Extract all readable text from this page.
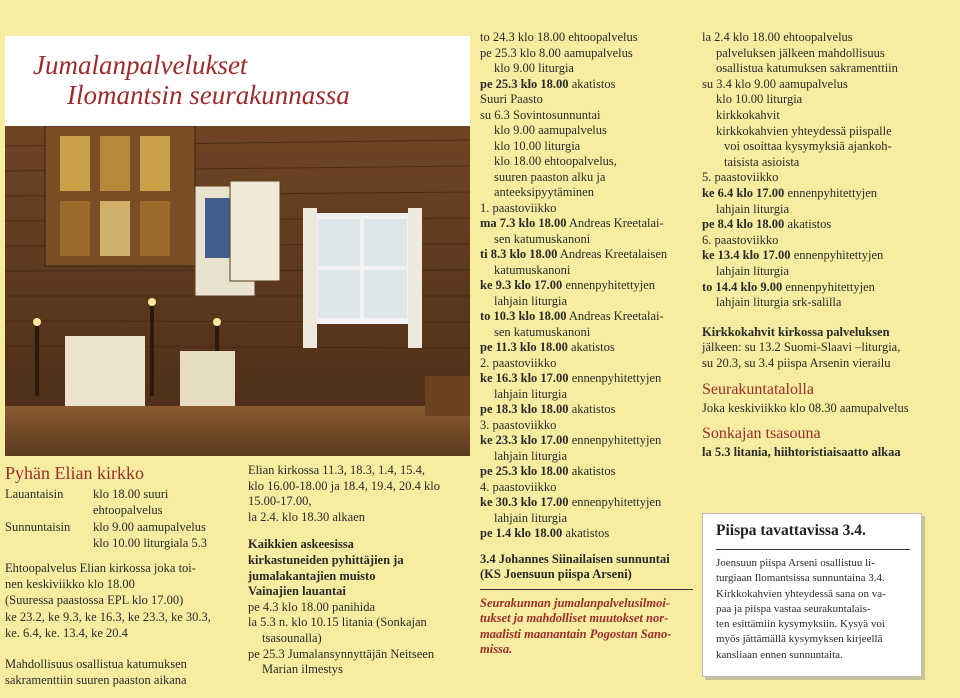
Jumalanpalvelukset
Ilomantsin seurakunnassa
Pyhän Elian kirkko
Lauantaisin	klo 18.00 suuri
ehtoopalvelus
Sunnuntaisin	klo 9.00 aamupalvelus
klo 10.00 liturgiala 5.3
Ehtoopalvelus Elian kirkossa joka toi-
nen keskiviikko klo 18.00
(Suuressa paastossa EPL klo 17.00)
ke 23.2, ke 9.3, ke 16.3, ke 23.3, ke 30.3,
ke. 6.4, ke. 13.4, ke 20.4
Mahdollisuus osallistua katumuksen
sakramenttiin suuren paaston aikana
Elian kirkossa 11.3, 18.3, 1.4, 15.4,
klo 16.00-18.00 ja 18.4, 19.4, 20.4 klo
15.00-17.00,
la 2.4. klo 18.30 alkaen
Kaikkien askeesissa
kirkastuneiden pyhittäjien ja
jumalakantajien muisto
Vainajien lauantai
pe 4.3 klo 18.00 panihida
la 5.3 n. klo 10.15 litania (Sonkajan
tsasounalla)
pe 25.3 Jumalansynnyttäjän Neitseen
Marian ilmestys
to 24.3 klo 18.00 ehtoopalvelus
pe 25.3 klo 8.00 aamupalvelus
klo 9.00 liturgia
pe 25.3 klo 18.00 akatistos
Suuri Paasto
su 6.3 Sovintosunnuntai
klo 9.00 aamupalvelus
klo 10.00 liturgia
klo 18.00 ehtoopalvelus,
suuren paaston alku ja
anteeksipyytäminen
1. paastoviikko
ma 7.3 klo 18.00 Andreas Kreetalai-
sen katumuskanoni
ti 8.3 klo 18.00 Andreas Kreetalaisen
katumuskanoni
ke 9.3 klo 17.00 ennenpyhitettyjen
lahjain liturgia
to 10.3 klo 18.00 Andreas Kreetalai-
sen katumuskanoni
pe 11.3 klo 18.00 akatistos
2. paastoviikko
ke 16.3 klo 17.00 ennenpyhitettyjen
lahjain liturgia
pe 18.3 klo 18.00 akatistos
3. paastoviikko
ke 23.3 klo 17.00 ennenpyhitettyjen
lahjain liturgia
pe 25.3 klo 18.00 akatistos
4. paastoviikko
ke 30.3 klo 17.00 ennenpyhitettyjen
lahjain liturgia
pe 1.4 klo 18.00 akatistos
3.4 Johannes Siinailaisen sunnuntai
(KS Joensuun piispa Arseni)
Seurakunnan jumalanpalvelusilmoi-
tukset ja mahdolliset muutokset nor-
maalisti maanantain Pogostan Sano-
missa.
la 2.4 klo 18.00 ehtoopalvelus
palveluksen jälkeen mahdollisuus
osallistua katumuksen sakramenttiin
su 3.4 klo 9.00 aamupalvelus
klo 10.00 liturgia
kirkkokahvit
kirkkokahvien yhteydessä piispalle
voi osoittaa kysymyksiä ajankoh-
taisista asioista
5. paastoviikko
ke 6.4 klo 17.00 ennenpyhitettyjen
lahjain liturgia
pe 8.4 klo 18.00 akatistos
6. paastoviikko
ke 13.4 klo 17.00 ennenpyhitettyjen
lahjain liturgia
to 14.4 klo 9.00 ennenpyhitettyjen
lahjain liturgia srk-salilla
Kirkkokahvit kirkossa palveluksen
jälkeen: su 13.2 Suomi-Slaavi –liturgia,
su 20.3, su 3.4 piispa Arsenin vierailu
Seurakuntatalolla
Joka keskiviikko klo 08.30 aamupalvelus
Sonkajan tsasouna
la 5.3 litania, hiihtoristiaisaatto alkaa
Piispa tavattavissa 3.4.
Joensuun piispa Arseni osallistuu li-
turgiaan Ilomantsissa sunnuntaina 3.4.
Kirkkokahvien yhteydessä sana on va-
paa ja piispa vastaa seurakuntalais-
ten esittämiin kysymyksiin. Kysyä voi
myös jättämällä kysymyksen kirjeellä
kansliaan ennen sunnuntaita.
